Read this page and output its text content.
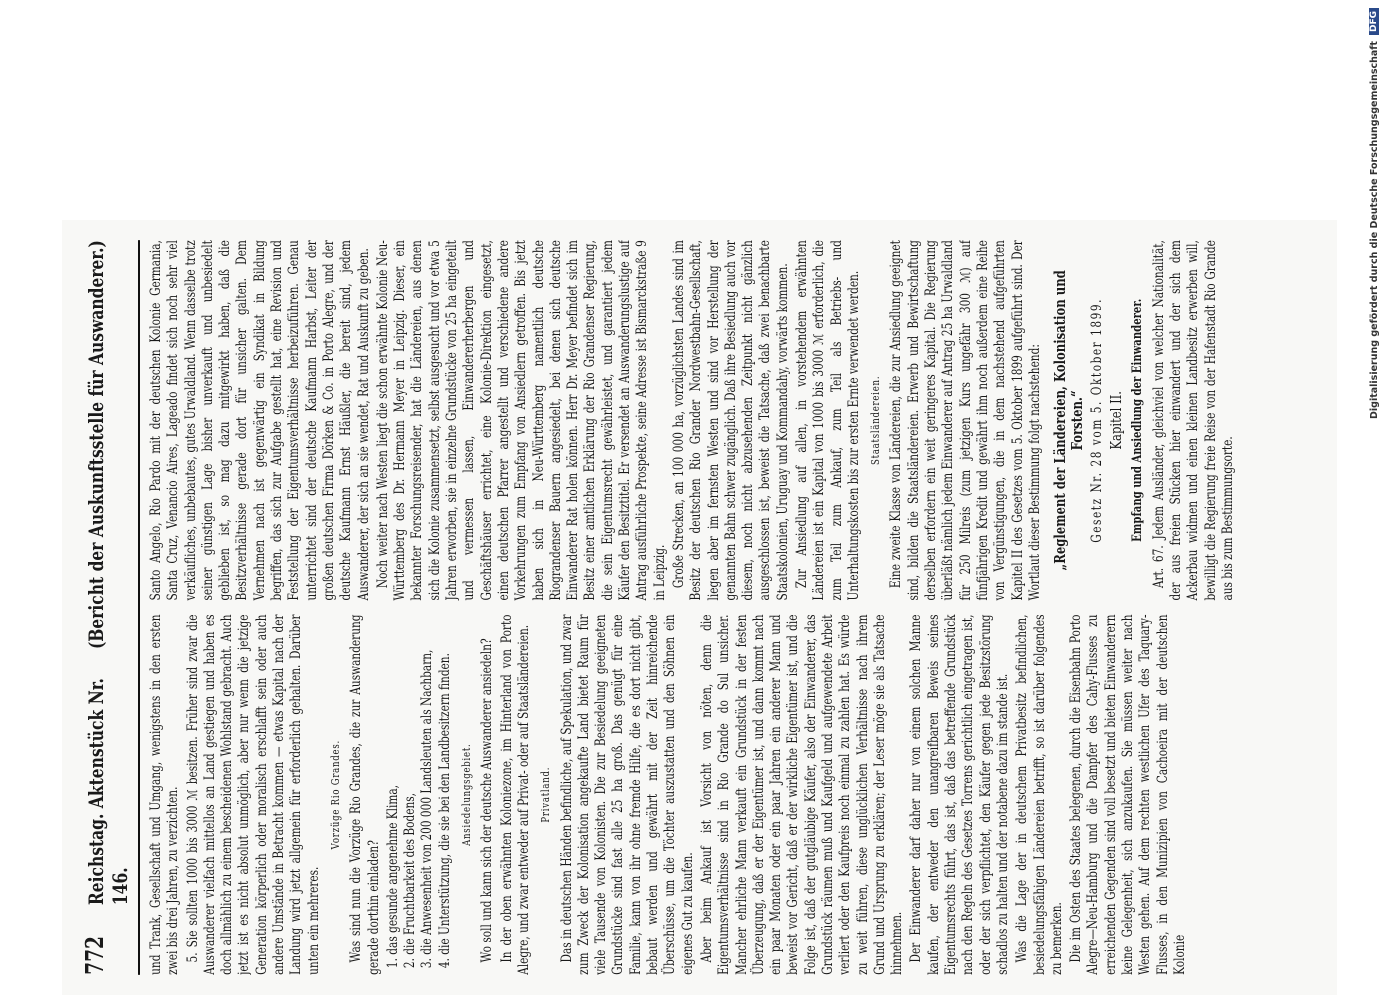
772
Reichstag. Aktenstück Nr. 146.
(Bericht der Auskunftsstelle für Auswanderer.)

und Trank, Gesellschaft und Umgang, wenigstens in den ersten zwei bis drei Jahren, zu verzichten. 5. Sie sollten 1000 bis 3000 ℳ besitzen. Früher sind zwar die Auswanderer vielfach mittellos an Land gestiegen und haben es doch allmählich zu einem bescheidenen Wohlstand gebracht. Auch jetzt ist es nicht absolut unmöglich, aber nur wenn die jetzige Generation körperlich oder moralisch erschlafft sein oder auch andere Umstände in Betracht kommen — etwas Kapital nach der Landung wird jetzt allgemein für erforderlich gehalten. Darüber unten ein mehreres.

Vorzüge Rio Grandes. Was sind nun die Vorzüge Rio Grandes, die zur Auswanderung gerade dorthin einladen? 1. das gesunde angenehme Klima, 2. die Fruchtbarkeit des Bodens, 3. die Anwesenheit von 200 000 Landsleuten als Nachbarn, 4. die Unterstützung, die sie bei den Landbesitzern finden. Ansiedelungsgebiet. Wo soll und kann sich der deutsche Auswanderer ansiedeln? In der oben erwähnten Koloniezone, im Hinterland von Porto Alegre, und zwar entweder auf Privat- oder auf Staatsländereien. Privatland. Das in deutschen Händen befindliche, auf Spekulation, und zwar zum Zweck der Kolonisation angekaufte Land bietet Raum für viele Tausende von Kolonisten. Die zur Besiedelung geeigneten Grundstücke sind fast alle 25 ha groß. Das genügt für eine Familie, kann von ihr ohne fremde Hilfe, die es dort nicht gibt, bebaut werden und gewährt mit der Zeit hinreichende Überschüsse, um die Töchter auszustatten und den Söhnen ein eigenes Gut zu kaufen. Aber beim Ankauf ist Vorsicht von nöten, denn die Eigentumsverhältnisse sind in Rio Grande do Sul unsicher. Mancher ehrliche Mann verkauft ein Grundstück in der festen Überzeugung, daß er der Eigentümer ist, und dann kommt nach ein paar Monaten oder ein paar Jahren ein anderer Mann und beweist vor Gericht, daß er der wirkliche Eigentümer ist, und die Folge ist, daß der gutgläubige Käufer, also der Einwanderer, das Grundstück räumen muß und Kaufgeld und aufgewendete Arbeit verliert oder den Kaufpreis noch einmal zu zahlen hat. Es würde zu weit führen, diese unglücklichen Verhältnisse nach ihrem Grund und Ursprung zu erklären; der Leser möge sie als Tatsache hinnehmen. Der Einwanderer darf daher nur von einem solchen Manne kaufen, der entweder den unangreifbaren Beweis seines Eigentumsrechts führt, das ist, daß das betreffende Grundstück nach den Regeln des Gesetzes Torrens gerichtlich eingetragen ist, oder der sich verpflichtet, den Käufer gegen jede Besitzstörung schadlos zu halten und der notabene dazu im stande ist. Was die Lage der in deutschem Privatbesitz befindlichen, besiedelungsfähigen Ländereien betrifft, so ist darüber folgendes zu bemerken. Die im Osten des Staates belegenen, durch die Eisenbahn Porto Alegre—Neu-Hamburg und die Dampfer des Cahy-Flusses zu erreichenden Gegenden sind voll besetzt und bieten Einwanderern keine Gelegenheit, sich anzukaufen. Sie müssen weiter nach Westen gehen. Auf dem rechten westlichen Ufer des Taquary-Flusses, in den Munizipien von Cachoeira mit der deutschen Kolonie

Santo Angelo, Rio Pardo mit der deutschen Kolonie Germania, Santa Cruz, Venancio Aires, Lageado findet sich noch sehr viel verkäufliches, unbebautes, gutes Urwaldland. Wenn dasselbe trotz seiner günstigen Lage bisher unverkauft und unbesiedelt geblieben ist, so mag dazu mitgewirkt haben, daß die Besitzverhältnisse gerade dort für unsicher galten. Dem Vernehmen nach ist gegenwärtig ein Syndikat in Bildung begriffen, das sich zur Aufgabe gestellt hat, eine Revision und Feststellung der Eigentumsverhältnisse herbeizuführen. Genau unterrichtet sind der deutsche Kaufmann Harbst, Leiter der großen deutschen Firma Dörken & Co. in Porto Alegre, und der deutsche Kaufmann Ernst Häußler, die bereit sind, jedem Auswanderer, der sich an sie wendet, Rat und Auskunft zu geben. Noch weiter nach Westen liegt die schon erwähnte Kolonie Neu-Württemberg des Dr. Hermann Meyer in Leipzig. Dieser, ein bekannter Forschungsreisender, hat die Ländereien, aus denen sich die Kolonie zusammensetzt, selbst ausgesucht und vor etwa 5 Jahren erworben, sie in einzelne Grundstücke von 25 ha eingeteilt und vermessen lassen, Einwandererherbergen und Geschäftshäuser errichtet, eine Kolonie-Direktion eingesetzt, einen deutschen Pfarrer angestellt und verschiedene andere Vorkehrungen zum Empfang von Ansiedlern getroffen. Bis jetzt haben sich in Neu-Württemberg namentlich deutsche Riograndenser Bauern angesiedelt, bei denen sich deutsche Einwanderer Rat holen können. Herr Dr. Meyer befindet sich im Besitz einer amtlichen Erklärung der Rio Grandenser Regierung, die sein Eigentumsrecht gewährleistet, und garantiert jedem Käufer den Besitztitel. Er versendet an Auswanderungslustige auf Antrag ausführliche Prospekte, seine Adresse ist Bismarckstraße 9 in Leipzig. Große Strecken, an 100 000 ha, vorzüglichsten Landes sind im Besitz der deutschen Rio Grander Nordwestbahn-Gesellschaft, liegen aber im fernsten Westen und sind vor Herstellung der genannten Bahn schwer zugänglich. Daß ihre Besiedlung auch vor diesem, noch nicht abzusehenden Zeitpunkt nicht gänzlich ausgeschlossen ist, beweist die Tatsache, daß zwei benachbarte Staatskolonien, Uruguay und Kommandahy, vorwärts kommen. Zur Ansiedlung auf allen, in vorstehendem erwähnten Ländereien ist ein Kapital von 1000 bis 3000 ℳ erforderlich, die zum Teil zum Ankauf, zum Teil als Betriebs- und Unterhaltungskosten bis zur ersten Ernte verwendet werden. Staatsländereien. Eine zweite Klasse von Ländereien, die zur Ansiedlung geeignet sind, bilden die Staatsländereien. Erwerb und Bewirtschaftung derselben erfordern ein weit geringeres Kapital. Die Regierung überläßt nämlich jedem Einwanderer auf Antrag 25 ha Urwaldland für 250 Milreis (zum jetzigen Kurs ungefähr 300 ℳ) auf fünfjährigen Kredit und gewährt ihm noch außerdem eine Reihe von Vergünstigungen, die in dem nachstehend aufgeführten Kapitel II des Gesetzes vom 5. Oktober 1899 aufgeführt sind. Der Wortlaut dieser Bestimmung folgt nachstehend: „Reglement der Ländereien, Kolonisation und Forsten.“ Gesetz Nr. 28 vom 5. Oktober 1899. Kapitel II. Empfang und Ansiedlung der Einwanderer. Art. 67. Jedem Ausländer, gleichviel von welcher Nationalität, der aus freien Stücken hier einwandert und der sich dem Ackerbau widmen und einen kleinen Landbesitz erwerben will, bewilligt die Regierung freie Reise von der Hafenstadt Rio Grande aus bis zum Bestimmungsorte.

Digitalisierung gefördert durch die Deutsche Forschungsgemeinschaft
DFG
